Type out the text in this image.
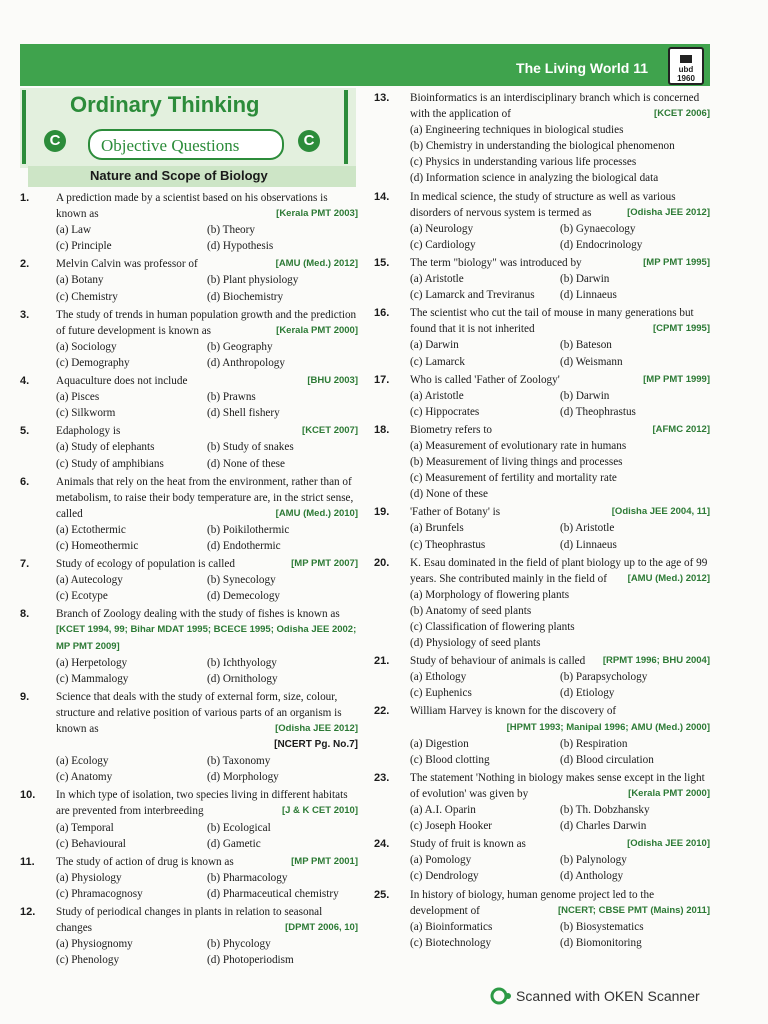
The Living World 11	ubd
1960
Ordinary Thinking
C	C
Objective Questions
Nature and Scope of Biology
1. A prediction made by a scientist based on his observations is known as	[Kerala PMT 2003]
(a) Law	(b) Theory
(c) Principle	(d) Hypothesis
2. Melvin Calvin was professor of	[AMU (Med.) 2012]
(a) Botany	(b) Plant physiology
(c) Chemistry	(d) Biochemistry
3. The study of trends in human population growth and the prediction of future development is known as	[Kerala PMT 2000]
(a) Sociology	(b) Geography
(c) Demography	(d) Anthropology
4. Aquaculture does not include	[BHU 2003]
(a) Pisces	(b) Prawns
(c) Silkworm	(d) Shell fishery
5. Edaphology is	[KCET 2007]
(a) Study of elephants	(b) Study of snakes
(c) Study of amphibians	(d) None of these
6. Animals that rely on the heat from the environment, rather than of metabolism, to raise their body temperature are, in the strict sense, called	[AMU (Med.) 2010]
(a) Ectothermic	(b) Poikilothermic
(c) Homeothermic	(d) Endothermic
7. Study of ecology of population is called	[MP PMT 2007]
(a) Autecology	(b) Synecology
(c) Ecotype	(d) Demecology
8. Branch of Zoology dealing with the study of fishes is known as
[KCET 1994, 99; Bihar MDAT 1995; BCECE 1995; Odisha JEE 2002; MP PMT 2009]
(a) Herpetology	(b) Ichthyology
(c) Mammalogy	(d) Ornithology
9. Science that deals with the study of external form, size, colour, structure and relative position of various parts of an organism is known as	[Odisha JEE 2012]
[NCERT Pg. No.7]
(a) Ecology	(b) Taxonomy
(c) Anatomy	(d) Morphology
10. In which type of isolation, two species living in different habitats are prevented from interbreeding	[J & K CET 2010]
(a) Temporal	(b) Ecological
(c) Behavioural	(d) Gametic
11. The study of action of drug is known as	[MP PMT 2001]
(a) Physiology	(b) Pharmacology
(c) Phramacognosy	(d) Pharmaceutical chemistry
12. Study of periodical changes in plants in relation to seasonal changes	[DPMT 2006, 10]
(a) Physiognomy	(b) Phycology
(c) Phenology	(d) Photoperiodism
13. Bioinformatics is an interdisciplinary branch which is concerned with the application of	[KCET 2006]
(a) Engineering techniques in biological studies
(b) Chemistry in understanding the biological phenomenon
(c) Physics in understanding various life processes
(d) Information science in analyzing the biological data
14. In medical science, the study of structure as well as various disorders of nervous system is termed as	[Odisha JEE 2012]
(a) Neurology	(b) Gynaecology
(c) Cardiology	(d) Endocrinology
15. The term "biology" was introduced by	[MP PMT 1995]
(a) Aristotle	(b) Darwin
(c) Lamarck and Treviranus	(d) Linnaeus
16. The scientist who cut the tail of mouse in many generations but found that it is not inherited	[CPMT 1995]
(a) Darwin	(b) Bateson
(c) Lamarck	(d) Weismann
17. Who is called 'Father of Zoology'	[MP PMT 1999]
(a) Aristotle	(b) Darwin
(c) Hippocrates	(d) Theophrastus
18. Biometry refers to	[AFMC 2012]
(a) Measurement of evolutionary rate in humans
(b) Measurement of living things and processes
(c) Measurement of fertility and mortality rate
(d) None of these
19. 'Father of Botany' is	[Odisha JEE 2004, 11]
(a) Brunfels	(b) Aristotle
(c) Theophrastus	(d) Linnaeus
20. K. Esau dominated in the field of plant biology up to the age of 99 years. She contributed mainly in the field of [AMU (Med.) 2012]
(a) Morphology of flowering plants
(b) Anatomy of seed plants
(c) Classification of flowering plants
(d) Physiology of seed plants
21. Study of behaviour of animals is called [RPMT 1996; BHU 2004]
(a) Ethology	(b) Parapsychology
(c) Euphenics	(d) Etiology
22. William Harvey is known for the discovery of
[HPMT 1993; Manipal 1996; AMU (Med.) 2000]
(a) Digestion	(b) Respiration
(c) Blood clotting	(d) Blood circulation
23. The statement 'Nothing in biology makes sense except in the light of evolution' was given by	[Kerala PMT 2000]
(a) A.I. Oparin	(b) Th. Dobzhansky
(c) Joseph Hooker	(d) Charles Darwin
24. Study of fruit is known as	[Odisha JEE 2010]
(a) Pomology	(b) Palynology
(c) Dendrology	(d) Anthology
25. In history of biology, human genome project led to the development of	[NCERT; CBSE PMT (Mains) 2011]
(a) Bioinformatics	(b) Biosystematics
(c) Biotechnology	(d) Biomonitoring
Scanned with OKEN Scanner
